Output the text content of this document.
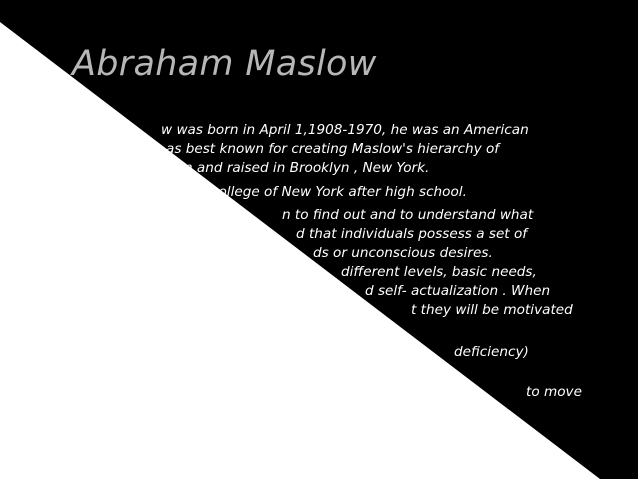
Abraham Maslow

w was born in April 1,1908-1970, he was an American

as best known for creating Maslow's hierarchy of

n and raised in Brooklyn , New York.

college of New York after high school.

n to find out and to understand what

d that individuals possess a set of

ds or unconscious desires.

different levels, basic needs,

d self- actualization . When

t they will be motivated

deficiency)

to move
